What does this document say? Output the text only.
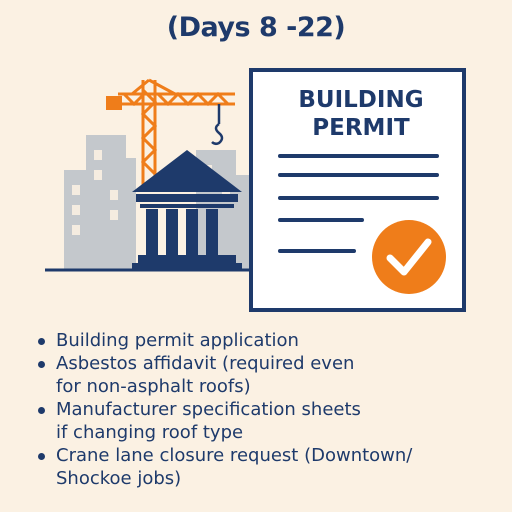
(Days 8 -22)
BUILDING
PERMIT
Building permit application
Asbestos affidavit (required even
for non-asphalt roofs)
Manufacturer specification sheets
if changing roof type
Crane lane closure request (Downtown/
Shockoe jobs)
